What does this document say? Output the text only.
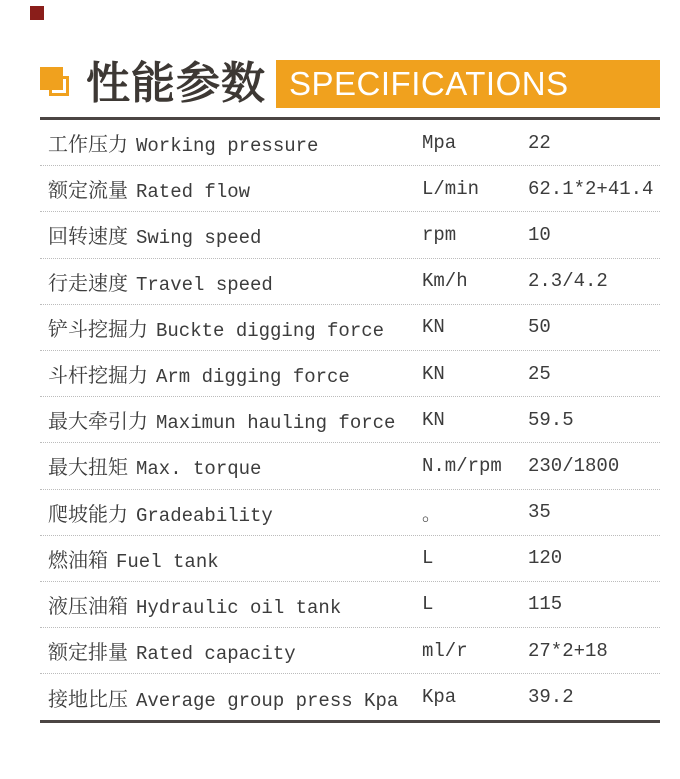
性能参数 SPECIFICATIONS
工作压力 Working pressure	Mpa	22
额定流量 Rated flow	L/min	62.1*2+41.4
回转速度 Swing speed	rpm	10
行走速度 Travel speed	Km/h	2.3/4.2
铲斗挖掘力 Buckte digging force	KN	50
斗杆挖掘力 Arm digging force	KN	25
最大牵引力 Maximun hauling force	KN	59.5
最大扭矩 Max. torque	N.m/rpm	230/1800
爬坡能力 Gradeability	。	35
燃油箱 Fuel tank	L	120
液压油箱 Hydraulic oil tank	L	115
额定排量 Rated capacity	ml/r	27*2+18
接地比压 Average group press Kpa	Kpa	39.2
